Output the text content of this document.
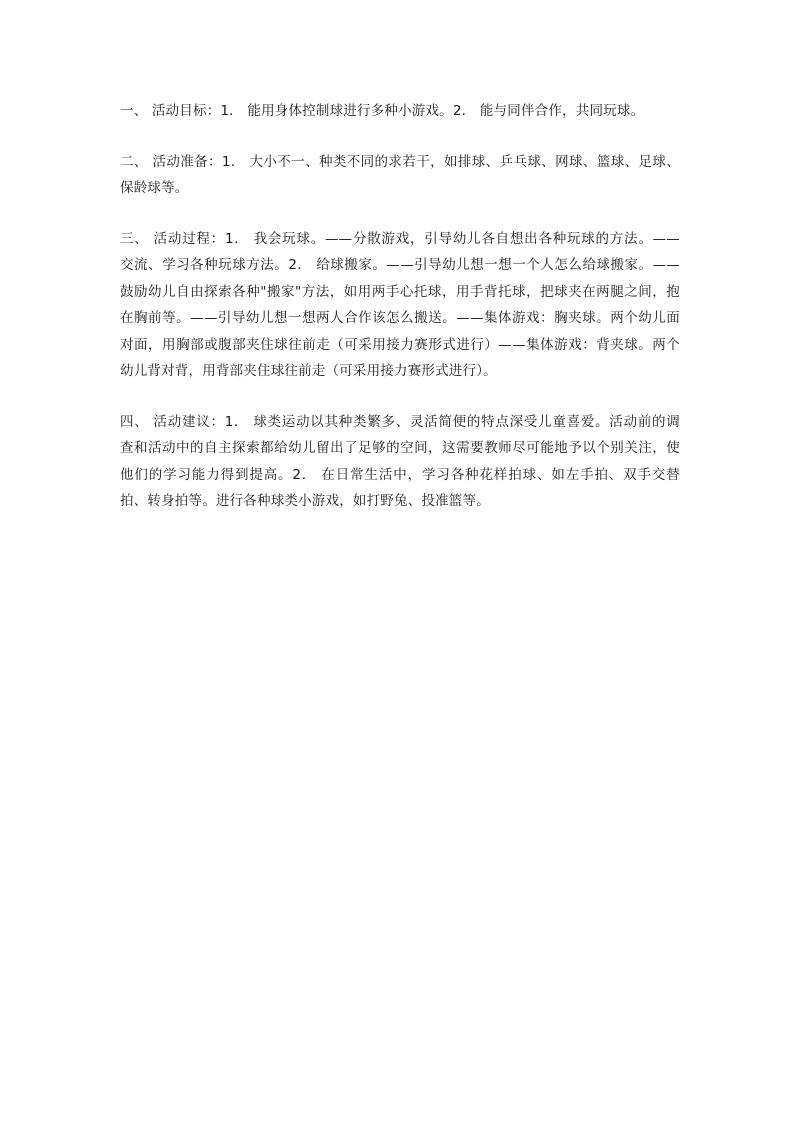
一、 活动目标：1． 能用身体控制球进行多种小游戏。2． 能与同伴合作，共同玩球。
二、 活动准备：1． 大小不一、种类不同的求若干，如排球、乒乓球、网球、篮球、足球、
保龄球等。
三、 活动过程：1． 我会玩球。——分散游戏，引导幼儿各自想出各种玩球的方法。——
交流、学习各种玩球方法。2． 给球搬家。——引导幼儿想一想一个人怎么给球搬家。——
鼓励幼儿自由探索各种"搬家"方法，如用两手心托球，用手背托球，把球夹在两腿之间，抱
在胸前等。——引导幼儿想一想两人合作该怎么搬送。——集体游戏：胸夹球。两个幼儿面
对面，用胸部或腹部夹住球往前走（可采用接力赛形式进行）——集体游戏：背夹球。两个
幼儿背对背，用背部夹住球往前走（可采用接力赛形式进行）。
四、 活动建议：1． 球类运动以其种类繁多、灵活简便的特点深受儿童喜爱。活动前的调
查和活动中的自主探索都给幼儿留出了足够的空间，这需要教师尽可能地予以个别关注，使
他们的学习能力得到提高。2． 在日常生活中，学习各种花样拍球、如左手拍、双手交替
拍、转身拍等。进行各种球类小游戏，如打野兔、投准篮等。
